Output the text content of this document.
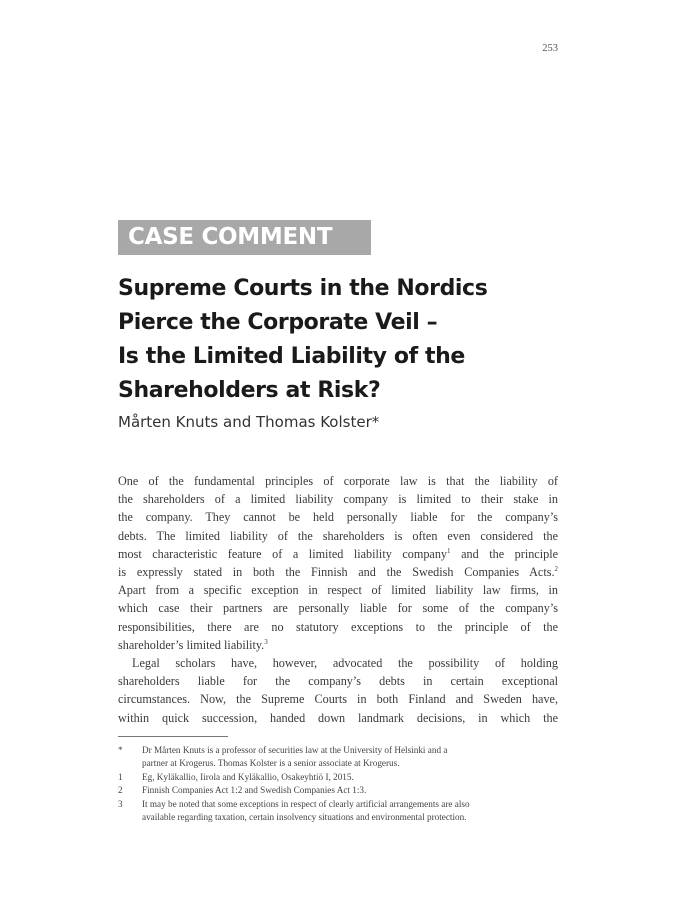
253
CASE COMMENT
Supreme Courts in the Nordics
Pierce the Corporate Veil –
Is the Limited Liability of the
Shareholders at Risk?
Mårten Knuts and Thomas Kolster*
One of the fundamental principles of corporate law is that the liability of
the shareholders of a limited liability company is limited to their stake in
the company. They cannot be held personally liable for the company’s
debts. The limited liability of the shareholders is often even considered the
most characteristic feature of a limited liability company$^1$ and the principle
is expressly stated in both the Finnish and the Swedish Companies Acts.$^2$
Apart from a specific exception in respect of limited liability law firms, in
which case their partners are personally liable for some of the company’s
responsibilities, there are no statutory exceptions to the principle of the
shareholder’s limited liability.$^3$
Legal scholars have, however, advocated the possibility of holding
shareholders liable for the company’s debts in certain exceptional
circumstances. Now, the Supreme Courts in both Finland and Sweden have,
within quick succession, handed down landmark decisions, in which the
*	Dr Mårten Knuts is a professor of securities law at the University of Helsinki and a
partner at Krogerus. Thomas Kolster is a senior associate at Krogerus.
1	Eg, Kyläkallio, Iirola and Kyläkallio, Osakeyhtiö I, 2015.
2	Finnish Companies Act 1:2 and Swedish Companies Act 1:3.
3	It may be noted that some exceptions in respect of clearly artificial arrangements are also
available regarding taxation, certain insolvency situations and environmental protection.
